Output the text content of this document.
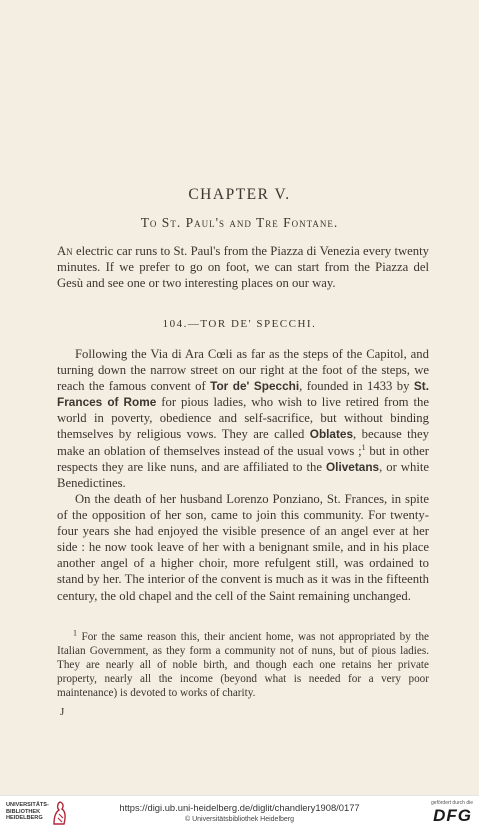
CHAPTER V.
To St. Paul's and Tre Fontane.

An electric car runs to St. Paul's from the Piazza di Venezia every twenty minutes. If we prefer to go on foot, we can start from the Piazza del Gesù and see one or two interesting places on our way.

104.—TOR DE' SPECCHI.

Following the Via di Ara Cœli as far as the steps of the Capitol, and turning down the narrow street on our right at the foot of the steps, we reach the famous convent of Tor de' Specchi, founded in 1433 by St. Frances of Rome for pious ladies, who wish to live retired from the world in poverty, obedience and self-sacrifice, but without binding themselves by religious vows. They are called Oblates, because they make an oblation of themselves instead of the usual vows ;$^1$ but in other respects they are like nuns, and are affiliated to the Olivetans, or white Benedictines.

On the death of her husband Lorenzo Ponziano, St. Frances, in spite of the opposition of her son, came to join this community. For twenty-four years she had enjoyed the visible presence of an angel ever at her side : he now took leave of her with a benignant smile, and in his place another angel of a higher choir, more refulgent still, was ordained to stand by her. The interior of the convent is much as it was in the fifteenth century, the old chapel and the cell of the Saint remaining unchanged.

$^1$ For the same reason this, their ancient home, was not appropriated by the Italian Government, as they form a community not of nuns, but of pious ladies. They are nearly all of noble birth, and though each one retains her private property, nearly all the income (beyond what is needed for a very poor maintenance) is devoted to works of charity.

J
UNIVERSITÄTS-
BIBLIOTHEK
HEIDELBERG
https://digi.ub.uni-heidelberg.de/diglit/chandlery1908/0177
© Universitätsbibliothek Heidelberg
gefördert durch die
DFG
